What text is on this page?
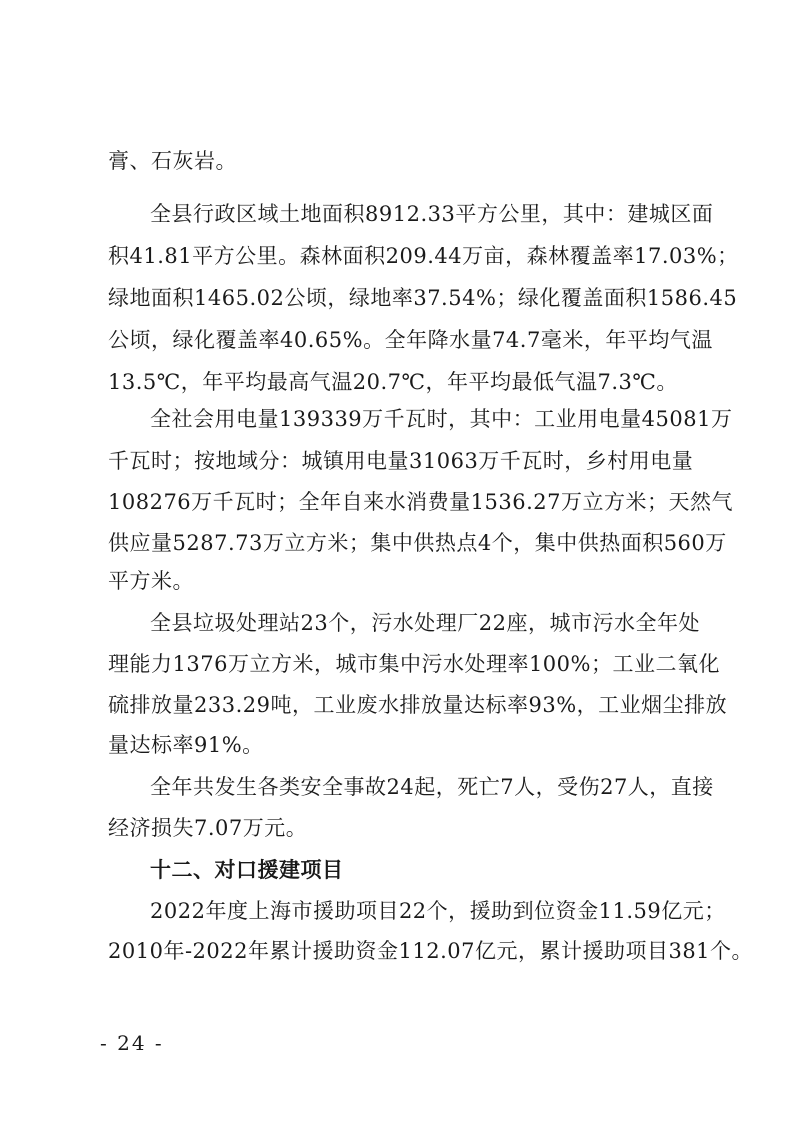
膏、石灰岩。
全县行政区域土地面积8912.33平方公里，其中：建城区面
积41.81平方公里。森林面积209.44万亩，森林覆盖率17.03%；
绿地面积1465.02公顷，绿地率37.54%；绿化覆盖面积1586.45
公顷，绿化覆盖率40.65%。全年降水量74.7毫米，年平均气温
13.5℃，年平均最高气温20.7℃，年平均最低气温7.3℃。
全社会用电量139339万千瓦时，其中：工业用电量45081万
千瓦时；按地域分：城镇用电量31063万千瓦时，乡村用电量
108276万千瓦时；全年自来水消费量1536.27万立方米；天然气
供应量5287.73万立方米；集中供热点4个，集中供热面积560万
平方米。
全县垃圾处理站23个，污水处理厂22座，城市污水全年处
理能力1376万立方米，城市集中污水处理率100%；工业二氧化
硫排放量233.29吨，工业废水排放量达标率93%，工业烟尘排放
量达标率91%。
全年共发生各类安全事故24起，死亡7人，受伤27人，直接
经济损失7.07万元。
十二、对口援建项目
2022年度上海市援助项目22个，援助到位资金11.59亿元；
2010年-2022年累计援助资金112.07亿元，累计援助项目381个。
- 24 -
